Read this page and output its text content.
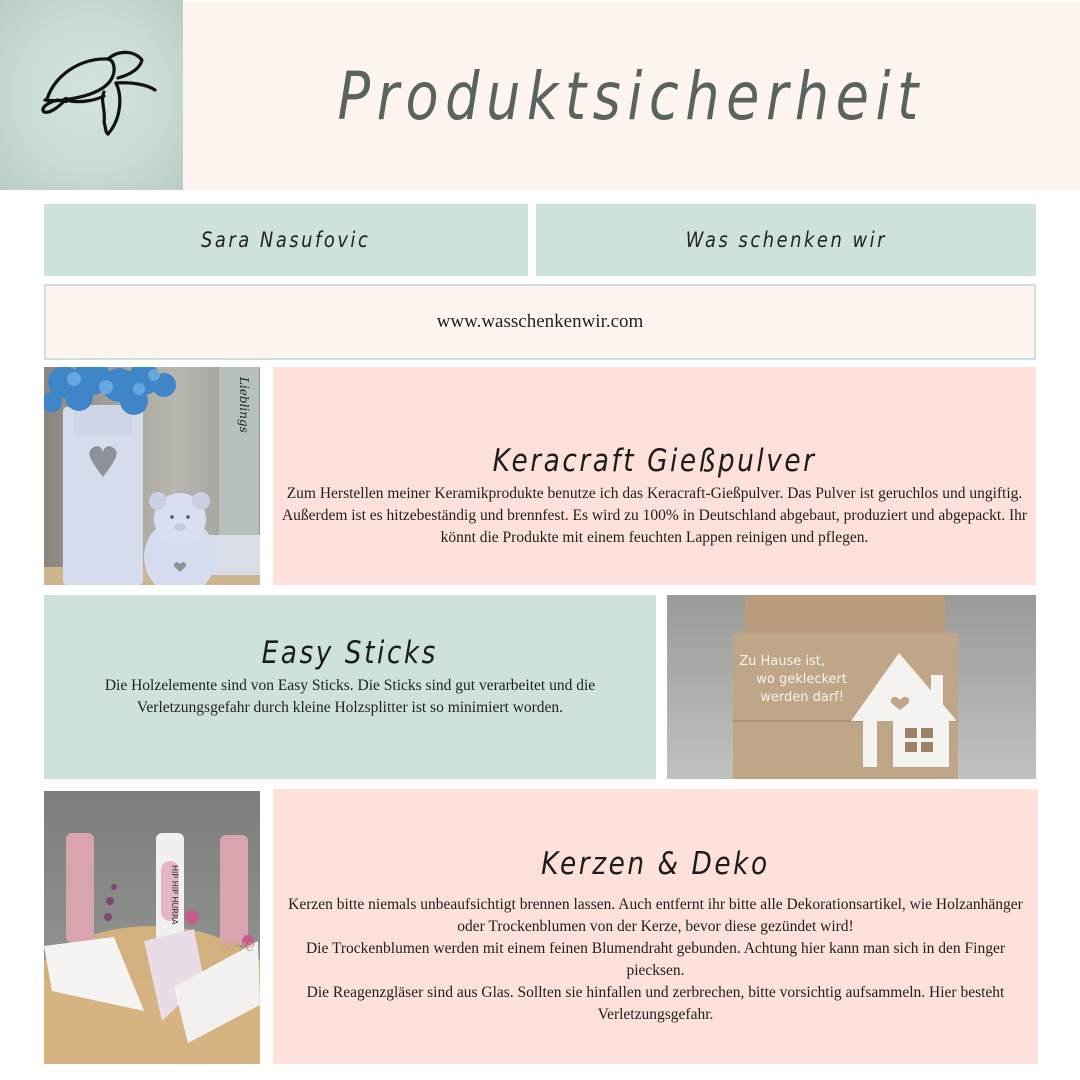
Produktsicherheit
Sara Nasufovic	Was schenken wir
www.wasschenkenwir.com
Lieblings
Keracraft Gießpulver

Zum Herstellen meiner Keramikprodukte benutze ich das Keracraft-Gießpulver. Das Pulver ist geruchlos und ungiftig. Außerdem ist es hitzebeständig und brennfest. Es wird zu 100% in Deutschland abgebaut, produziert und abgepackt. Ihr könnt die Produkte mit einem feuchten Lappen reinigen und pflegen.

Easy Sticks

Die Holzelemente sind von Easy Sticks. Die Sticks sind gut verarbeitet und die Verletzungsgefahr durch kleine Holzsplitter ist so minimiert worden.

Zu Hause ist,
wo gekleckert
werden darf!
HIP HIP HURRA
love
Kerzen & Deko

Kerzen bitte niemals unbeaufsichtigt brennen lassen. Auch entfernt ihr bitte alle Dekorationsartikel, wie Holzanhänger oder Trockenblumen von der Kerze, bevor diese gezündet wird!

Die Trockenblumen werden mit einem feinen Blumendraht gebunden. Achtung hier kann man sich in den Finger piecksen.

Die Reagenzgläser sind aus Glas. Sollten sie hinfallen und zerbrechen, bitte vorsichtig aufsammeln. Hier besteht Verletzungsgefahr.
